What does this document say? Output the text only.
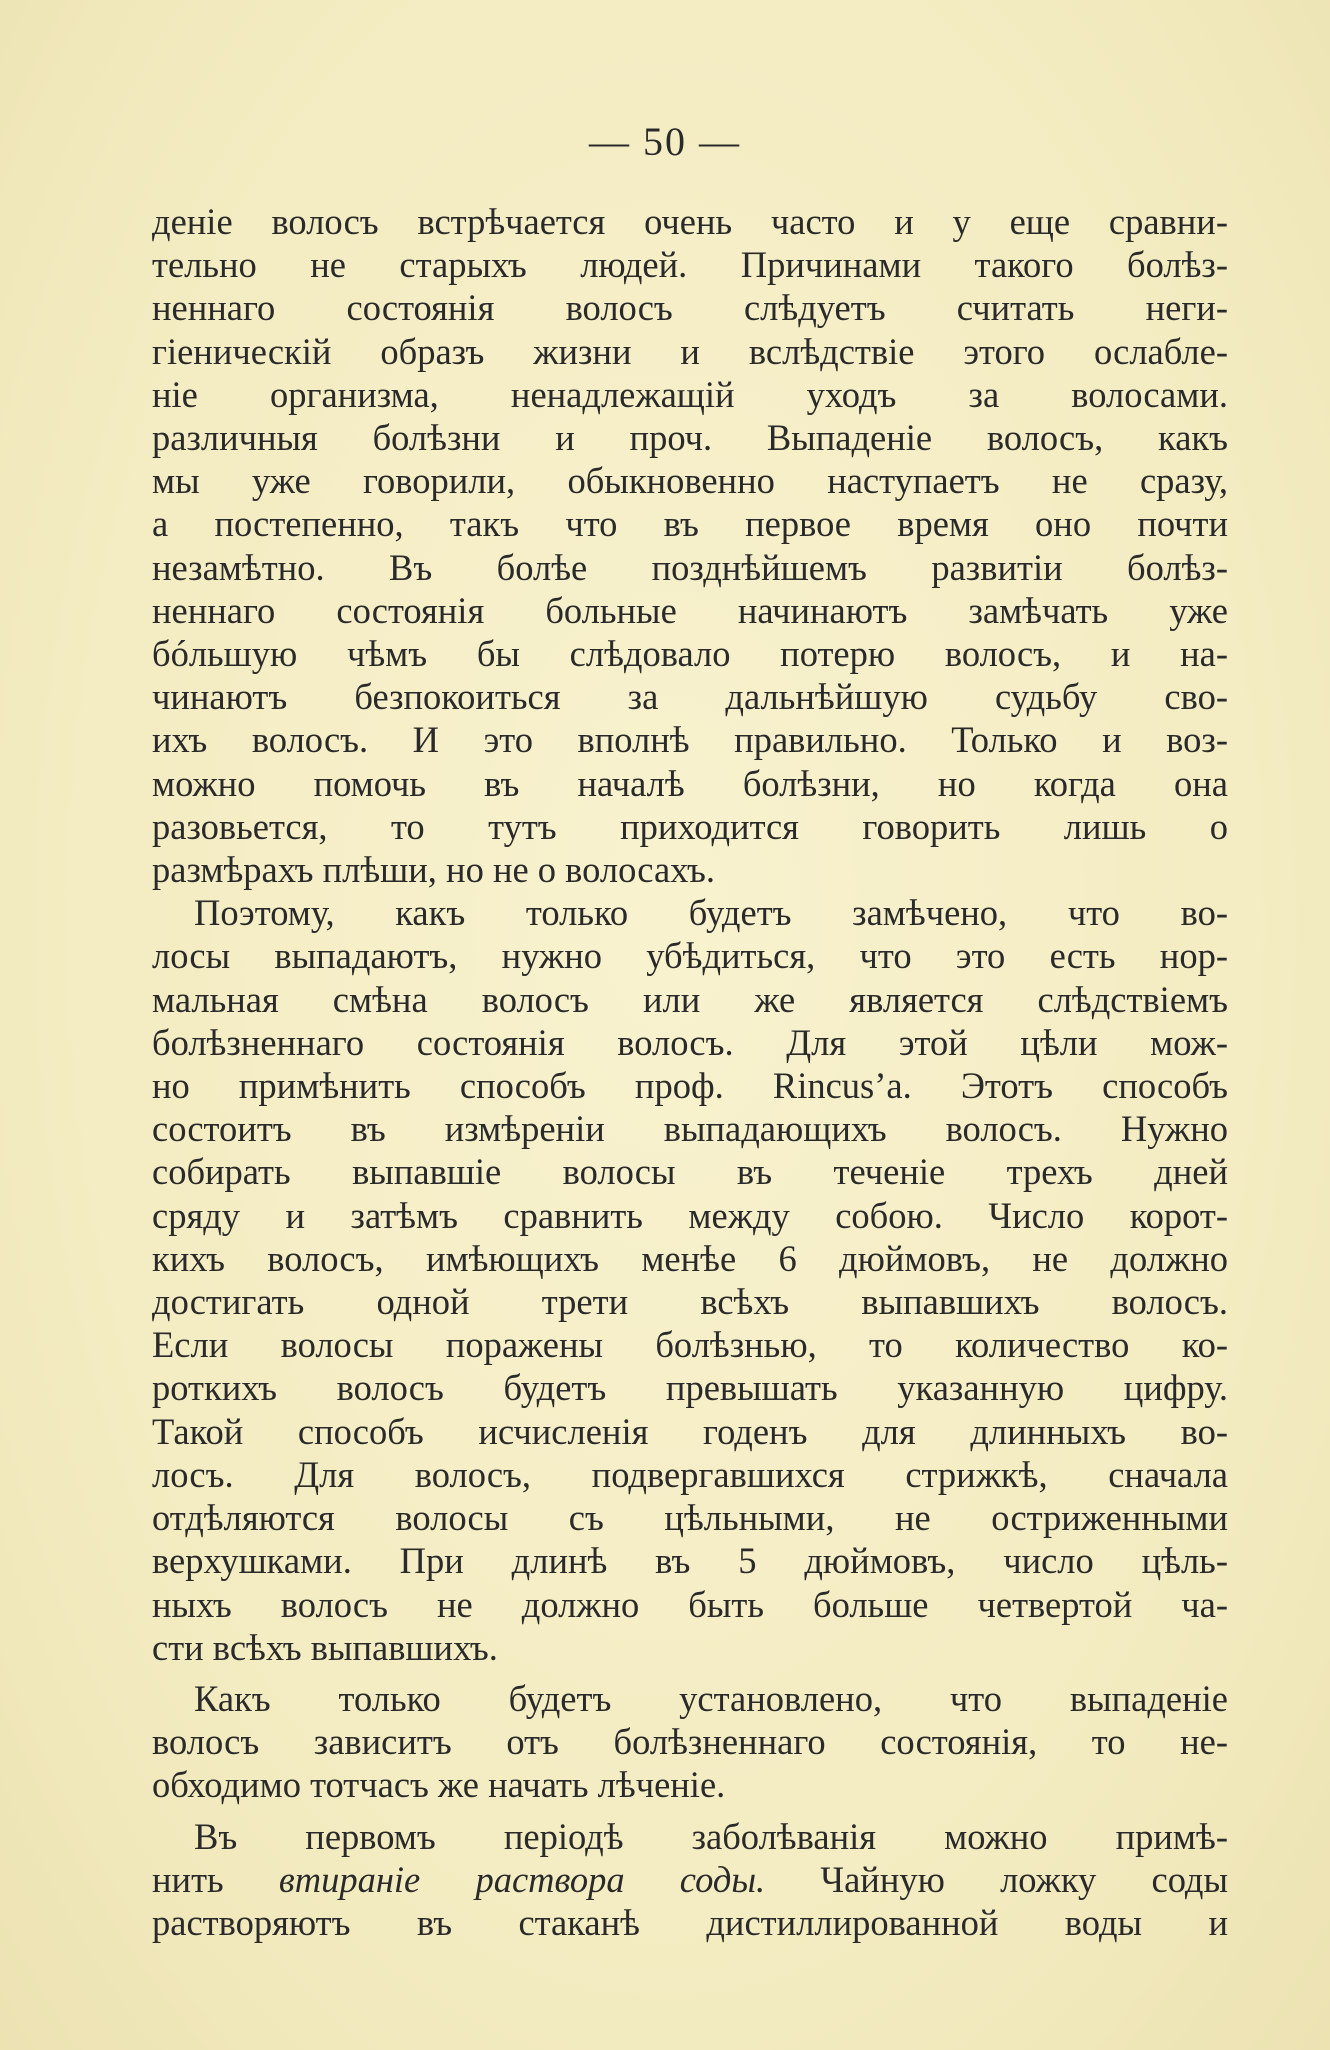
— 50 —

деніе волосъ встрѣчается очень часто и у еще сравни-
тельно не старыхъ людей. Причинами такого болѣз-
неннаго состоянія волосъ слѣдуетъ считать неги-
гіеническій образъ жизни и вслѣдствіе этого ослабле-
ніе организма, ненадлежащій уходъ за волосами.
различныя болѣзни и проч. Выпаденіе волосъ, какъ
мы уже говорили, обыкновенно наступаетъ не сразу,
а постепенно, такъ что въ первое время оно почти
незамѣтно. Въ болѣе позднѣйшемъ развитіи болѣз-
неннаго состоянія больные начинаютъ замѣчать уже
бóльшую чѣмъ бы слѣдовало потерю волосъ, и на-
чинаютъ безпокоиться за дальнѣйшую судьбу сво-
ихъ волосъ. И это вполнѣ правильно. Только и воз-
можно помочь въ началѣ болѣзни, но когда она
разовьется, то тутъ приходится говорить лишь о
размѣрахъ плѣши, но не о волосахъ.

Поэтому, какъ только будетъ замѣчено, что во-
лосы выпадаютъ, нужно убѣдиться, что это есть нор-
мальная смѣна волосъ или же является слѣдствіемъ
болѣзненнаго состоянія волосъ. Для этой цѣли мож-
но примѣнить способъ проф. Rincus’а. Этотъ способъ
состоитъ въ измѣреніи выпадающихъ волосъ. Нужно
собирать выпавшіе волосы въ теченіе трехъ дней
сряду и затѣмъ сравнить между собою. Число корот-
кихъ волосъ, имѣющихъ менѣе 6 дюймовъ, не должно
достигать одной трети всѣхъ выпавшихъ волосъ.
Если волосы поражены болѣзнью, то количество ко-
роткихъ волосъ будетъ превышать указанную цифру.
Такой способъ исчисленія годенъ для длинныхъ во-
лосъ. Для волосъ, подвергавшихся стрижкѣ, сначала
отдѣляются волосы съ цѣльными, не остриженными
верхушками. При длинѣ въ 5 дюймовъ, число цѣль-
ныхъ волосъ не должно быть больше четвертой ча-
сти всѣхъ выпавшихъ.

Какъ только будетъ установлено, что выпаденіе
волосъ зависитъ отъ болѣзненнаго состоянія, то не-
обходимо тотчасъ же начать лѣченіе.

Въ первомъ періодѣ заболѣванія можно примѣ-
нить втираніе раствора соды. Чайную ложку соды
растворяютъ въ стаканѣ дистиллированной воды и
